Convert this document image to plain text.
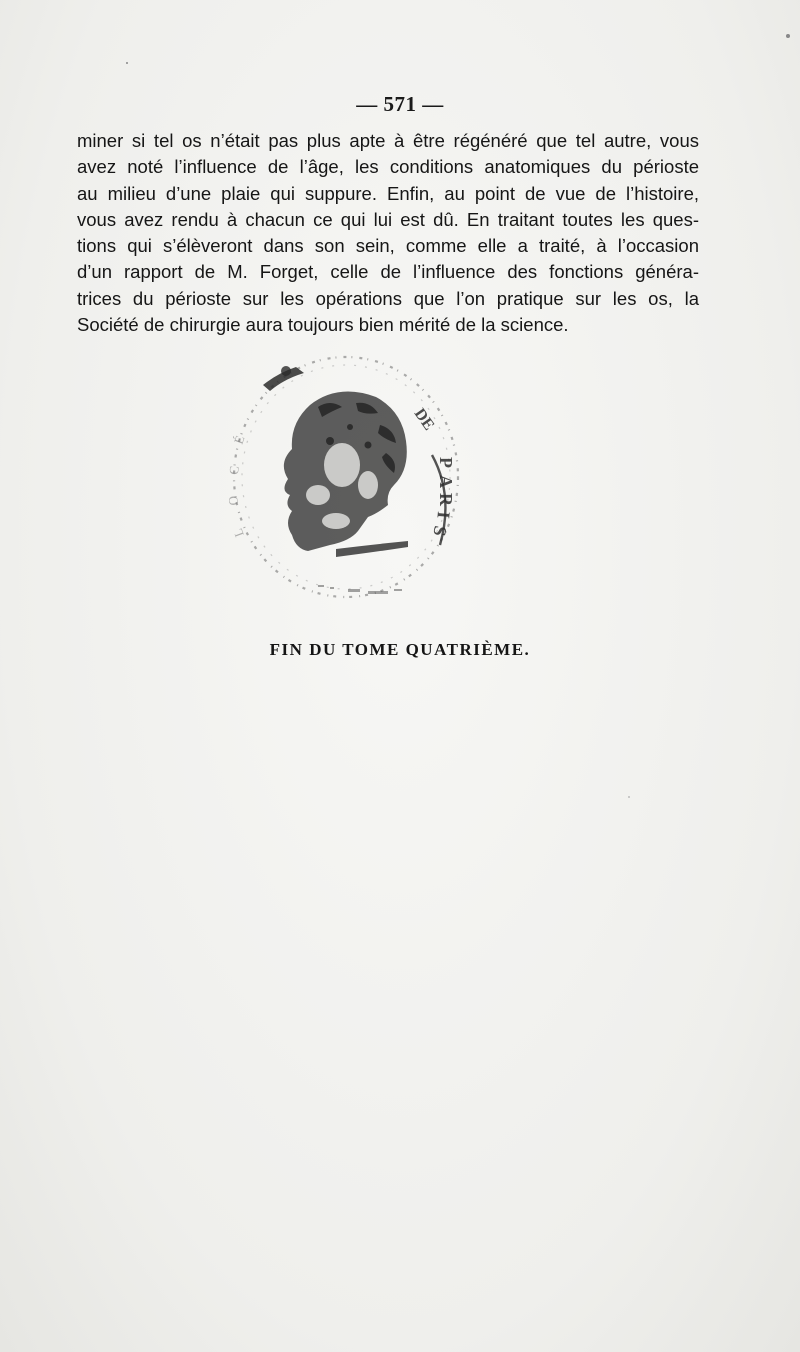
— 571 —
miner si tel os n’était pas plus apte à être régénéré que tel autre, vous
avez noté l’influence de l’âge, les conditions anatomiques du périoste
au milieu d’une plaie qui suppure. Enfin, au point de vue de l’histoire,
vous avez rendu à chacun ce qui lui est dû. En traitant toutes les ques-
tions qui s’élèveront dans son sein, comme elle a traité, à l’occasion
d’un rapport de M. Forget, celle de l’influence des fonctions généra-
trices du périoste sur les opérations que l’on pratique sur les os, la
Société de chirurgie aura toujours bien mérité de la science.
DE
P
A
R
I
S
É
C
O
L
FIN DU TOME QUATRIÈME.
